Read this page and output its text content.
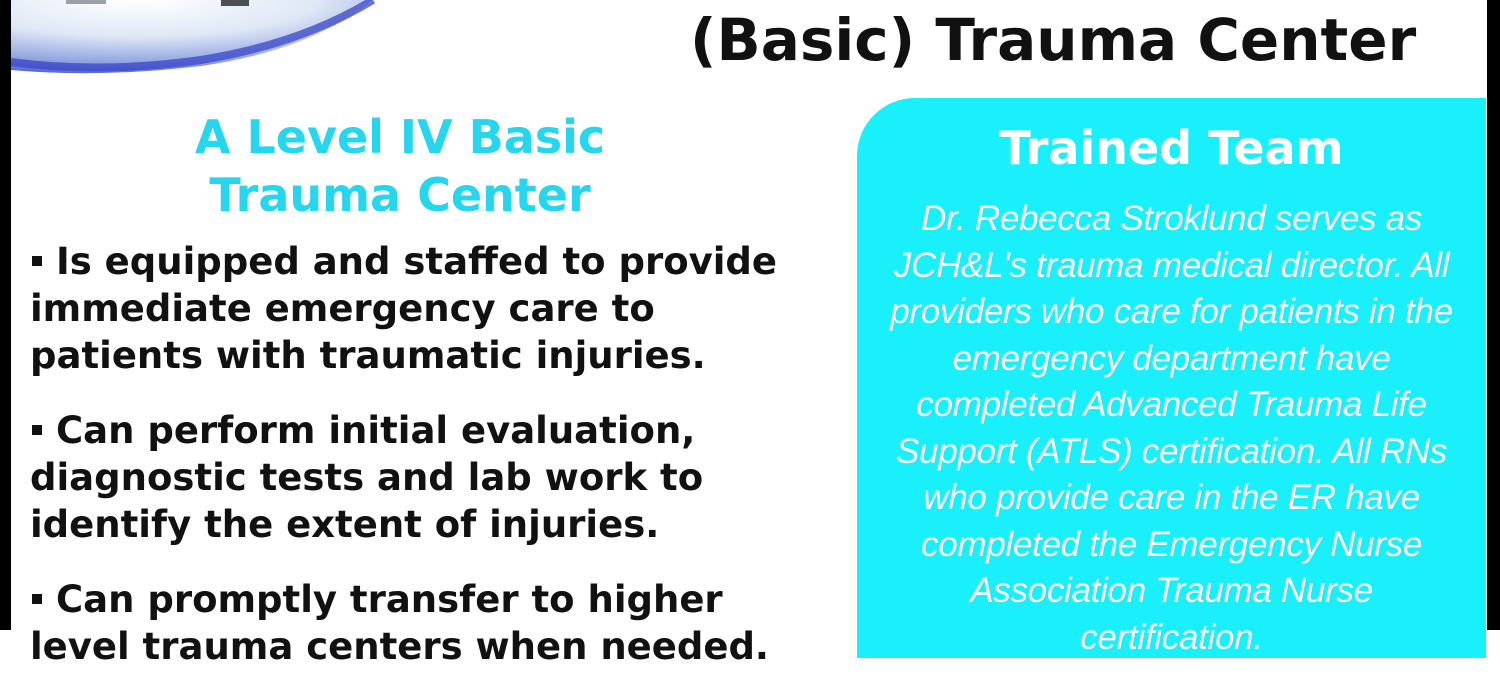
(Basic) Trauma Center
A Level IV Basic
Trauma Center
Is equipped and staffed to provide immediate emergency care to patients with traumatic injuries.
Can perform initial evaluation, diagnostic tests and lab work to identify the extent of injuries.
Can promptly transfer to higher level trauma centers when needed.
Trained Team

Dr. Rebecca Stroklund serves as JCH&L's trauma medical director. All providers who care for patients in the emergency department have completed Advanced Trauma Life Support (ATLS) certification. All RNs who provide care in the ER have completed the Emergency Nurse Association Trauma Nurse certification.
